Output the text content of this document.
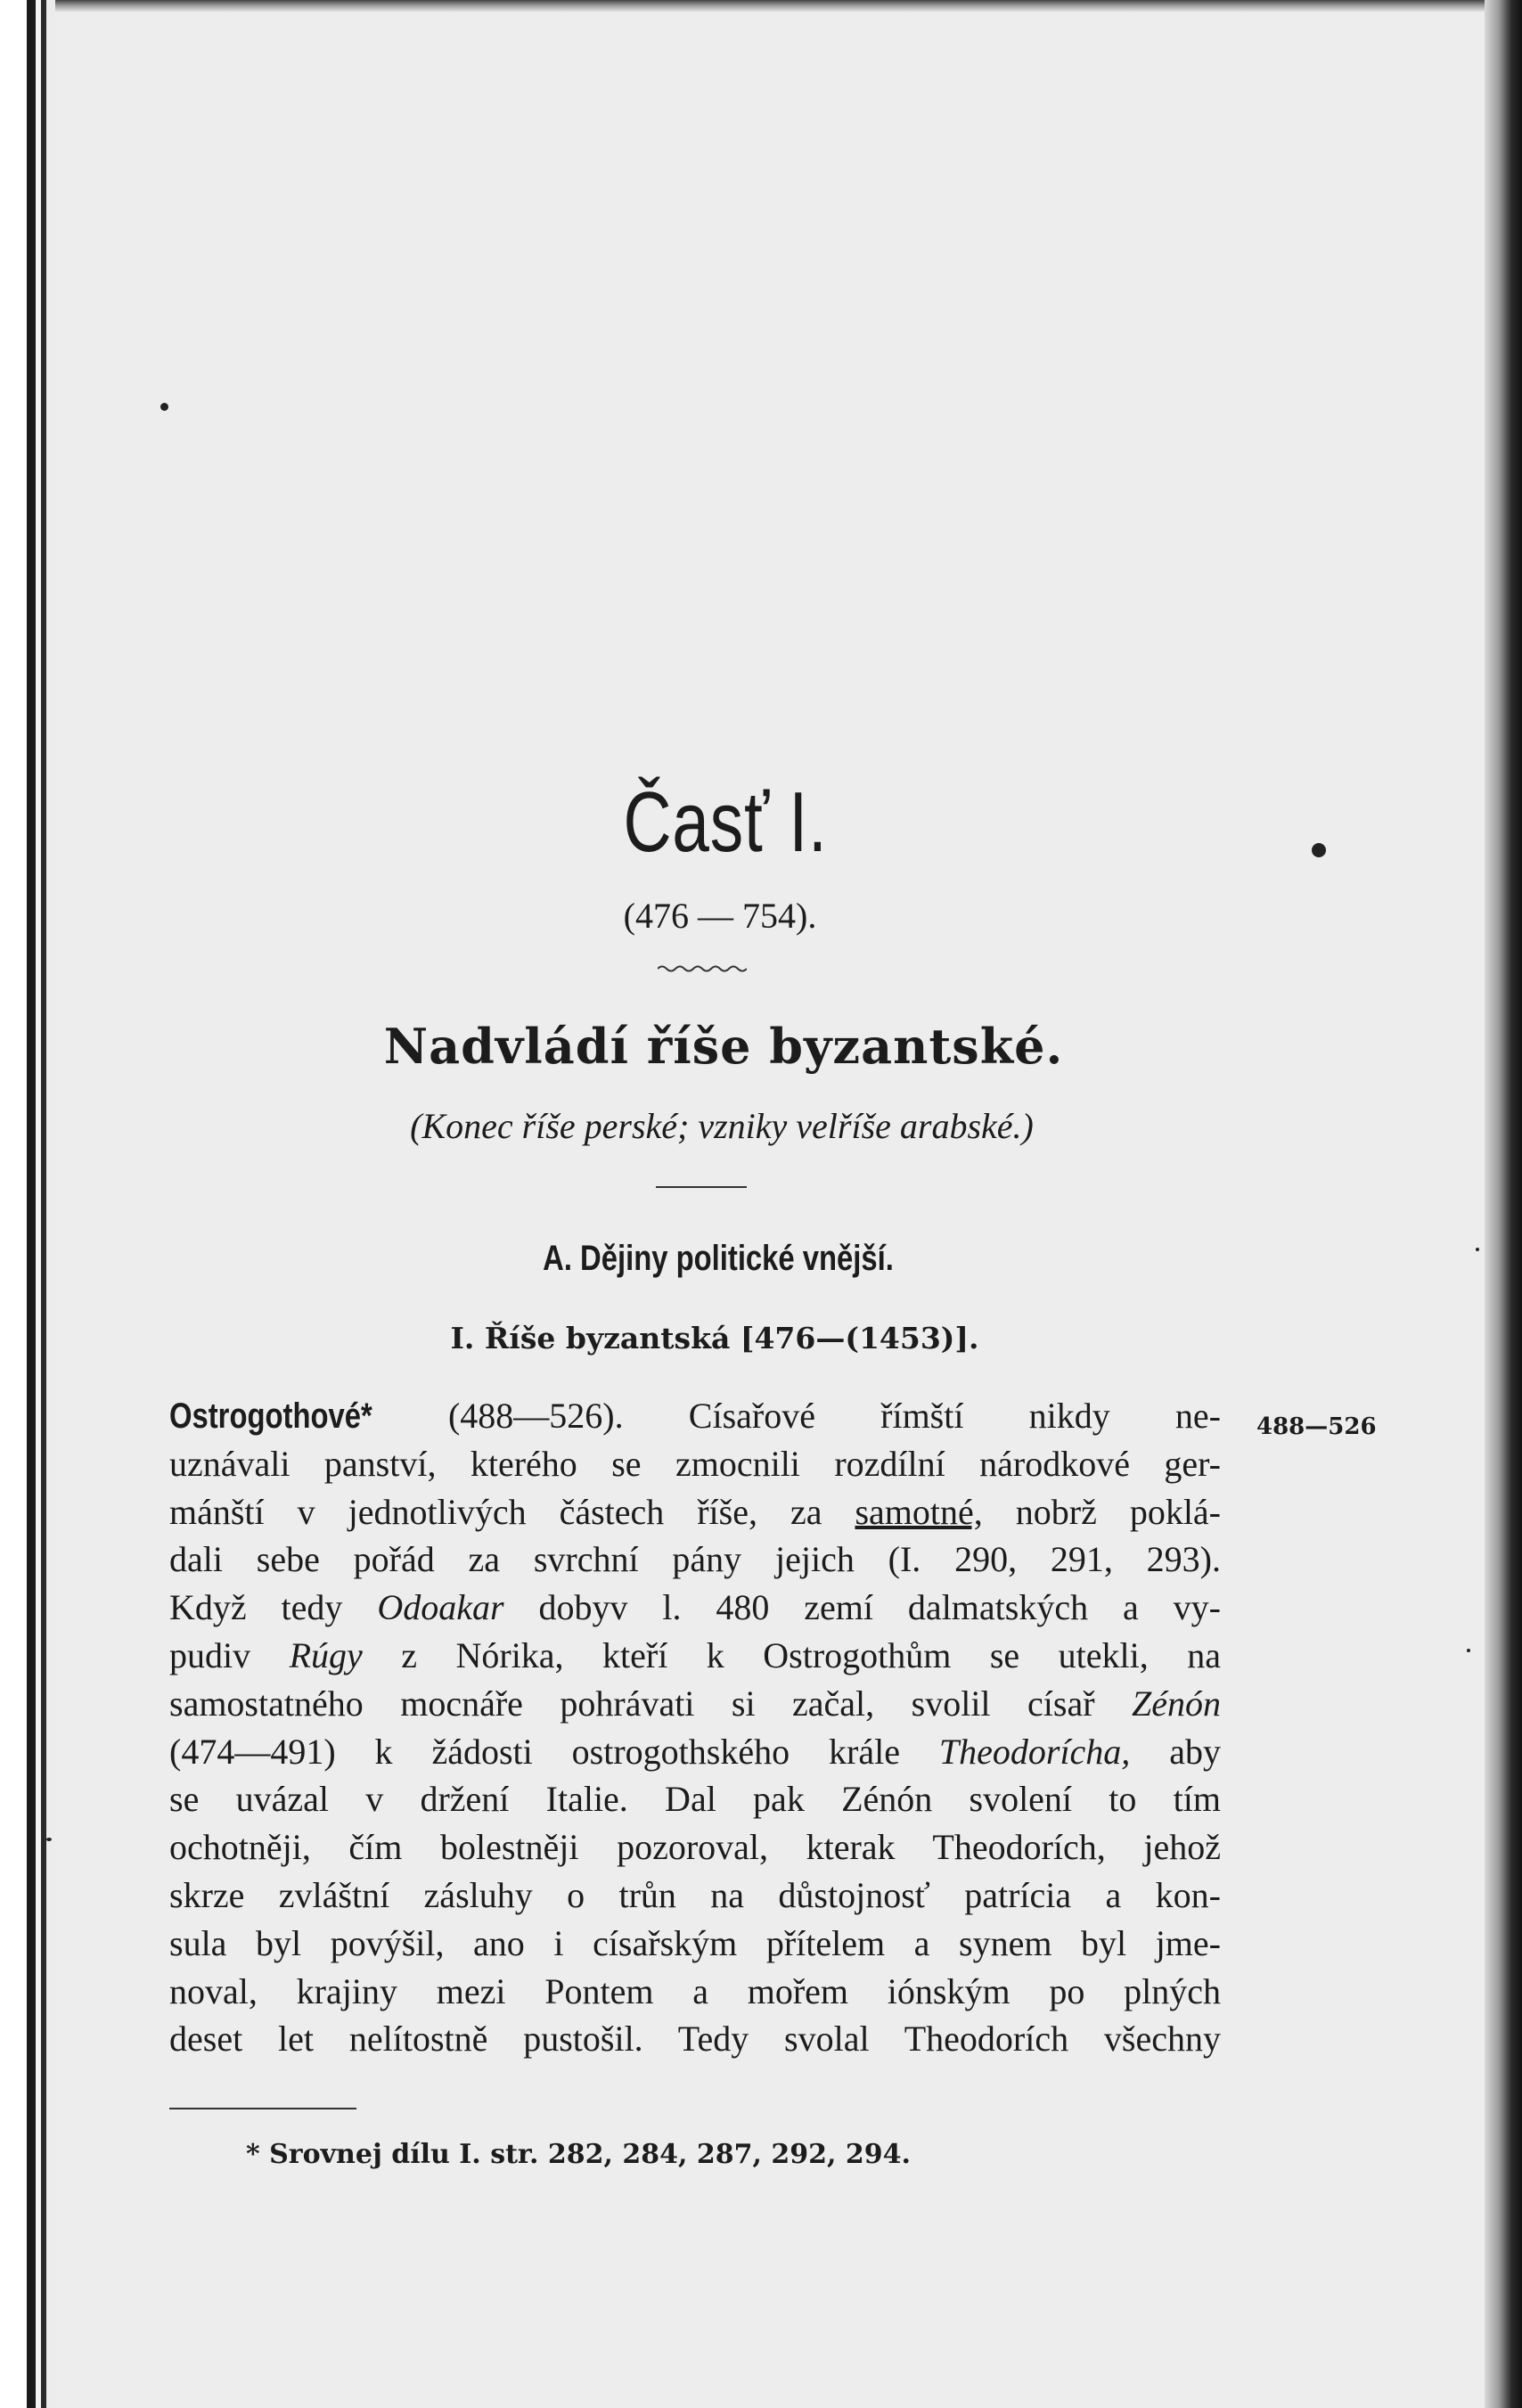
Časť I.
(476 — 754).
Nadvládí říše byzantské.
(Konec říše perské; vzniky velříše arabské.)
A. Dějiny politické vnější.
I. Říše byzantská [476—(1453)].
488—526
Ostrogothové* (488—526). Císařové římští nikdy ne-
uznávali panství, kterého se zmocnili rozdílní národkové ger-
mánští v jednotlivých částech říše, za samotné, nobrž poklá-
dali sebe pořád za svrchní pány jejich (I. 290, 291, 293).
Když tedy Odoakar dobyv l. 480 zemí dalmatských a vy-
pudiv Rúgy z Nórika, kteří k Ostrogothům se utekli, na
samostatného mocnáře pohrávati si začal, svolil císař Zénón
(474—491) k žádosti ostrogothského krále Theodorícha, aby
se uvázal v držení Italie. Dal pak Zénón svolení to tím
ochotněji, čím bolestněji pozoroval, kterak Theodorích, jehož
skrze zvláštní zásluhy o trůn na důstojnosť patrícia a kon-
sula byl povýšil, ano i císařským přítelem a synem byl jme-
noval, krajiny mezi Pontem a mořem iónským po plných
deset let nelítostně pustošil. Tedy svolal Theodorích všechny
* Srovnej dílu I. str. 282, 284, 287, 292, 294.
